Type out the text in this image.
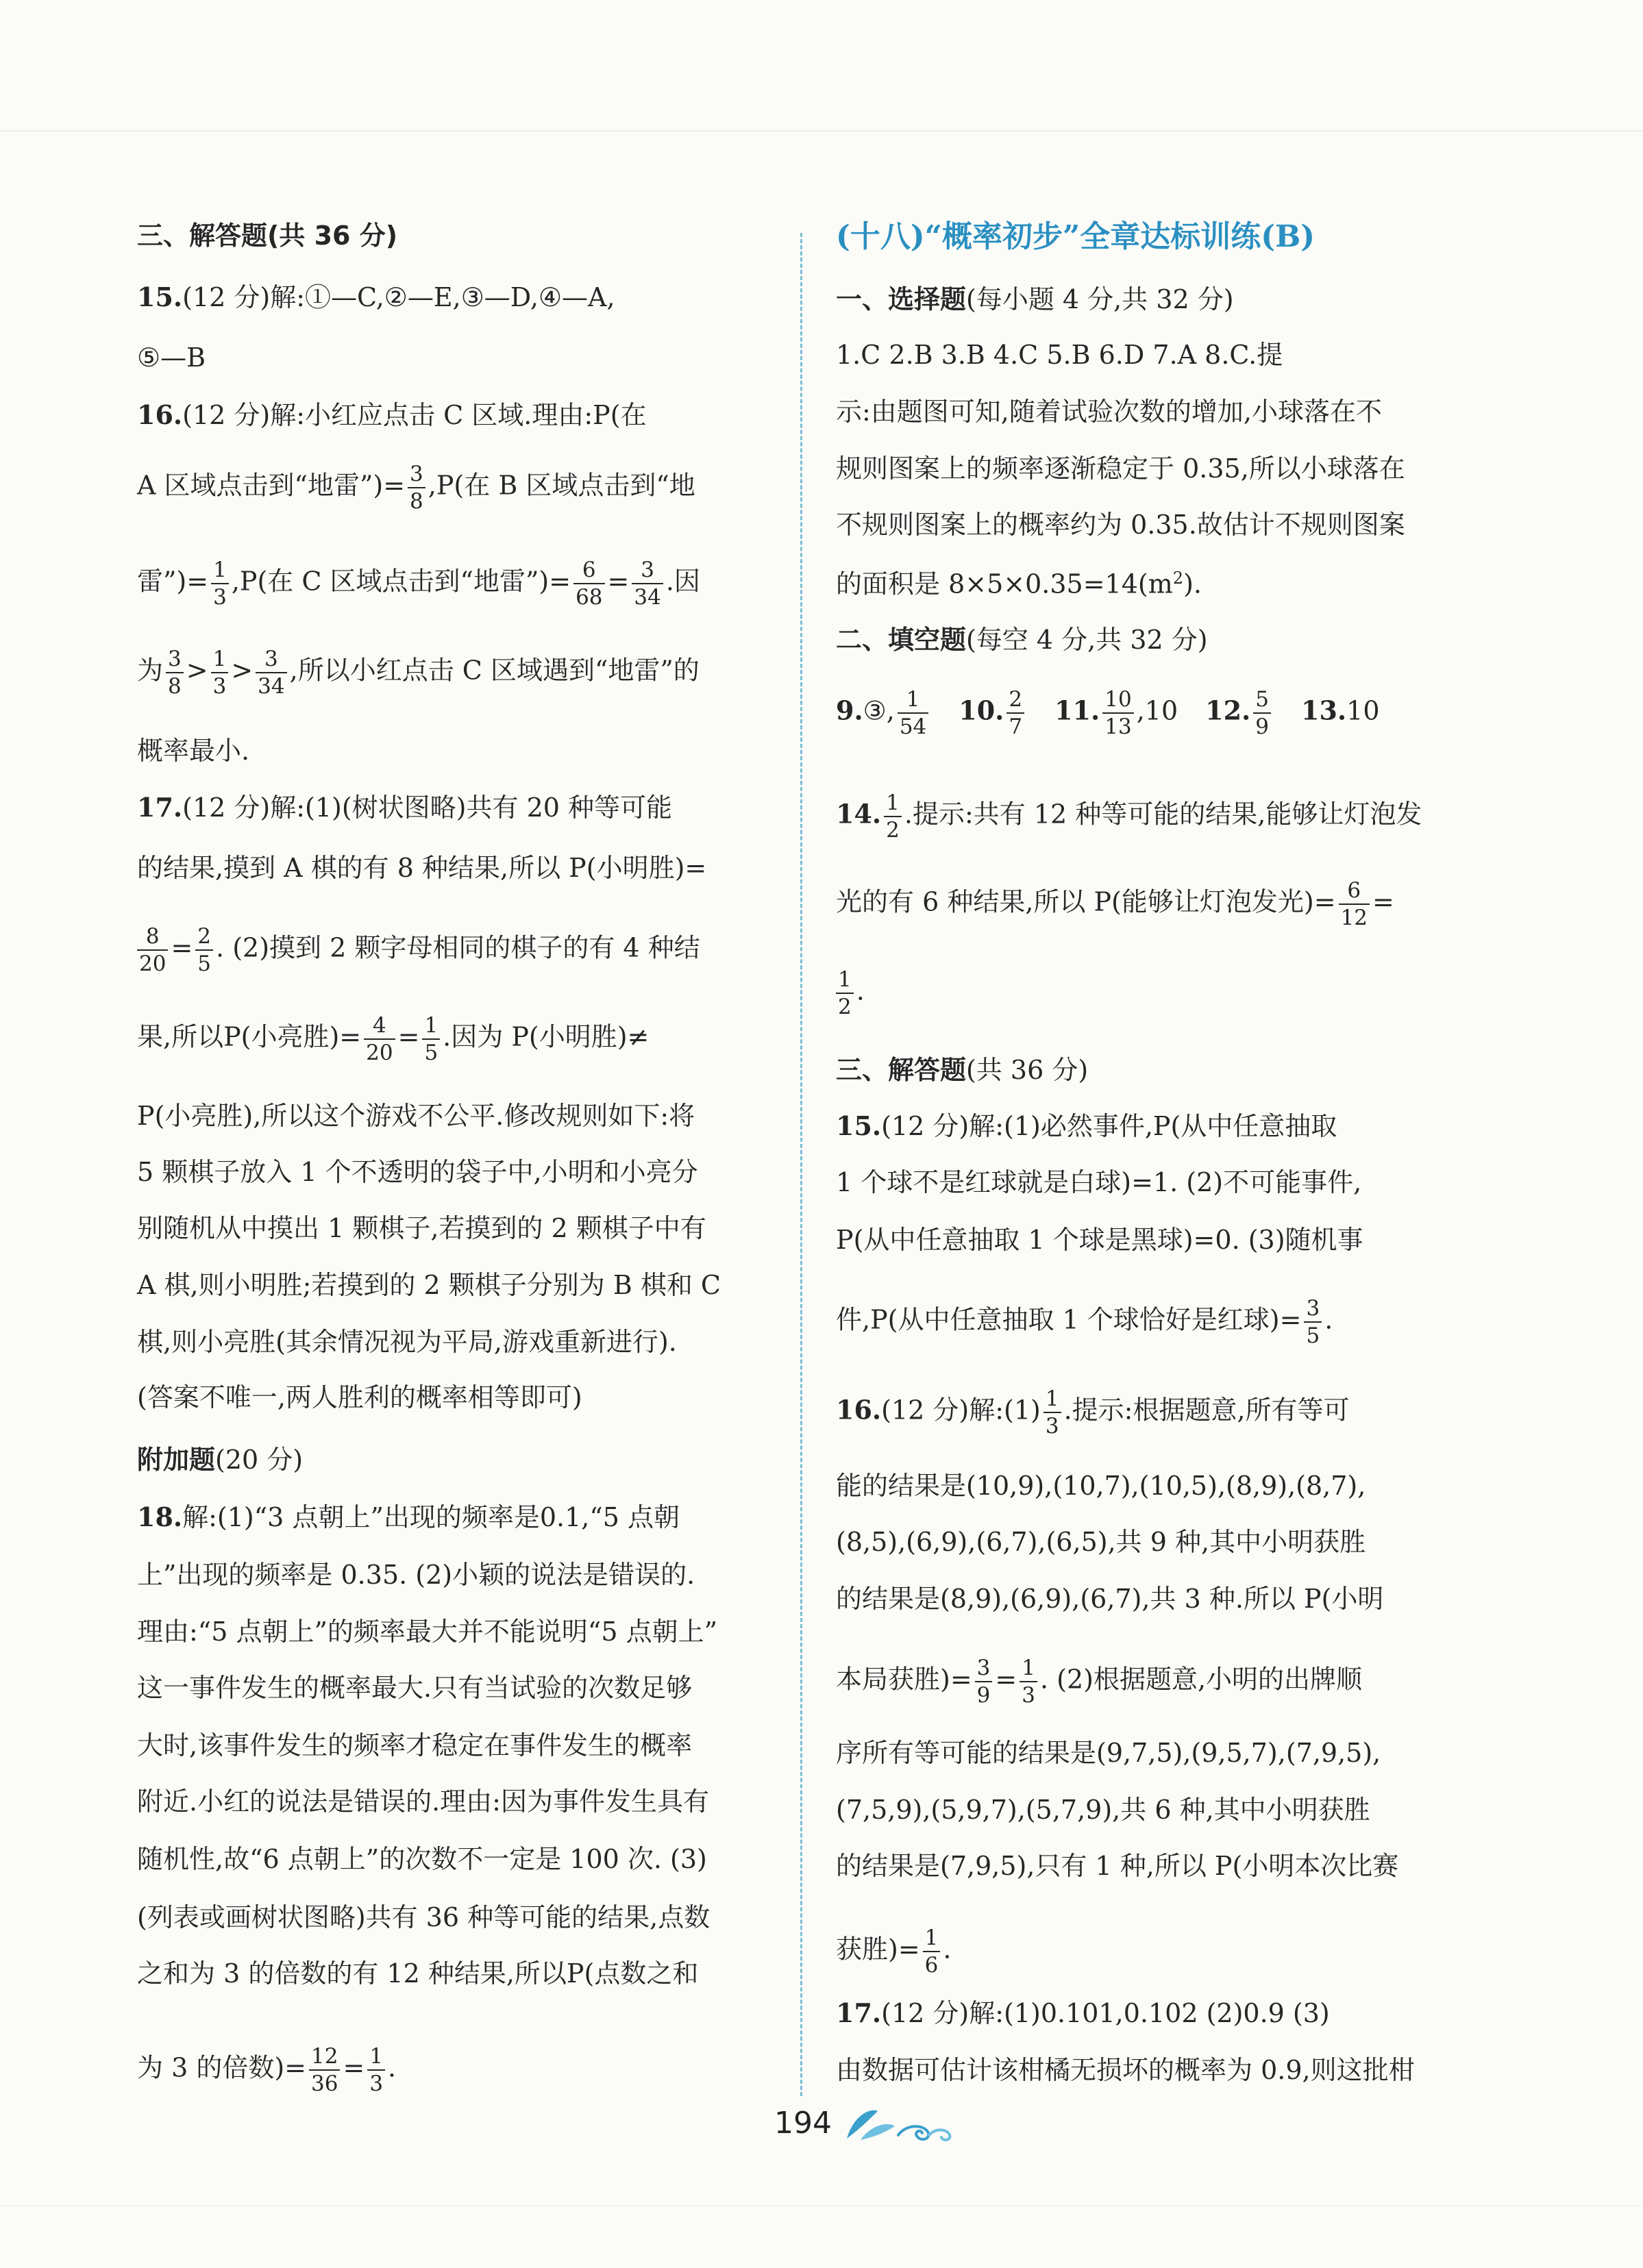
三、解答题(共 36 分)
15.(12 分)解:①—C,②—E,③—D,④—A,
⑤—B
16.(12 分)解:小红应点击 C 区域.理由:P(在
A 区域点击到“地雷”)= $\frac{3}{8} ,P$(在 B 区域点击到“地
雷”)= $\frac{1}{3} ,P$(在 C 区域点击到“地雷”)= $\frac{6}{68} = \frac{3}{34}$ .因
为 $\frac{3}{8} > \frac{1}{3} > \frac{3}{34}$ ,所以小红点击 C 区域遇到“地雷”的
概率最小.
17.(12 分)解:(1)(树状图略)共有 20 种等可能
的结果,摸到 A 棋的有 8 种结果,所以 P(小明胜)=
$\frac{8}{20} = \frac{2}{5}$ . (2)摸到 2 颗字母相同的棋子的有 4 种结
果,所以P(小亮胜)= $\frac{4}{20} = \frac{1}{5}$ .因为 P(小明胜)≠
P(小亮胜),所以这个游戏不公平.修改规则如下:将
5 颗棋子放入 1 个不透明的袋子中,小明和小亮分
别随机从中摸出 1 颗棋子,若摸到的 2 颗棋子中有
A 棋,则小明胜;若摸到的 2 颗棋子分别为 B 棋和 C
棋,则小亮胜(其余情况视为平局,游戏重新进行).
(答案不唯一,两人胜利的概率相等即可)
附加题(20 分)
18.解:(1)“3 点朝上”出现的频率是0.1,“5 点朝
上”出现的频率是 0.35. (2)小颖的说法是错误的.
理由:“5 点朝上”的频率最大并不能说明“5 点朝上”
这一事件发生的概率最大.只有当试验的次数足够
大时,该事件发生的频率才稳定在事件发生的概率
附近.小红的说法是错误的.理由:因为事件发生具有
随机性,故“6 点朝上”的次数不一定是 100 次. (3)
(列表或画树状图略)共有 36 种等可能的结果,点数
之和为 3 的倍数的有 12 种结果,所以P(点数之和
为 3 的倍数)= $\frac{12}{36} = \frac{1}{3}$ .
(十八)“概率初步”全章达标训练(B)
一、选择题(每小题 4 分,共 32 分)
1.C 2.B 3.B 4.C 5.B 6.D 7.A 8.C.提
示:由题图可知,随着试验次数的增加,小球落在不
规则图案上的频率逐渐稳定于 0.35,所以小球落在
不规则图案上的概率约为 0.35.故估计不规则图案
的面积是 $8\times 5\times 0.35=14(m^2)$.
二、填空题(每空 4 分,共 32 分)
9.③, $\frac{1}{54} 10$. $\frac{2}{7} 11$. $\frac{10}{13} ,10$ 12. $\frac{5}{9} 13.10$
14. $\frac{1}{2}$ .提示:共有 12 种等可能的结果,能够让灯泡发
光的有 6 种结果,所以 P(能够让灯泡发光)= $\frac{6}{12}$ =
$\frac{1}{2}$ .
三、解答题(共 36 分)
15.(12 分)解:(1)必然事件,P(从中任意抽取
1 个球不是红球就是白球)=1. (2)不可能事件,
P(从中任意抽取 1 个球是黑球)=0. (3)随机事
件,P(从中任意抽取 1 个球恰好是红球)= $\frac{3}{5}$ .
16.(12 分)解:(1) $\frac{1}{3}$ .提示:根据题意,所有等可
能的结果是(10,9),(10,7),(10,5),(8,9),(8,7),
(8,5),(6,9),(6,7),(6,5),共 9 种,其中小明获胜
的结果是(8,9),(6,9),(6,7),共 3 种.所以 P(小明
本局获胜)= $\frac{3}{9} = \frac{1}{3}$ . (2)根据题意,小明的出牌顺
序所有等可能的结果是(9,7,5),(9,5,7),(7,9,5),
(7,5,9),(5,9,7),(5,7,9),共 6 种,其中小明获胜
的结果是(7,9,5),只有 1 种,所以 P(小明本次比赛
获胜)= $\frac{1}{6}$ .
17.(12 分)解:(1)0.101,0.102 (2)0.9 (3)
由数据可估计该柑橘无损坏的概率为 0.9,则这批柑
194
